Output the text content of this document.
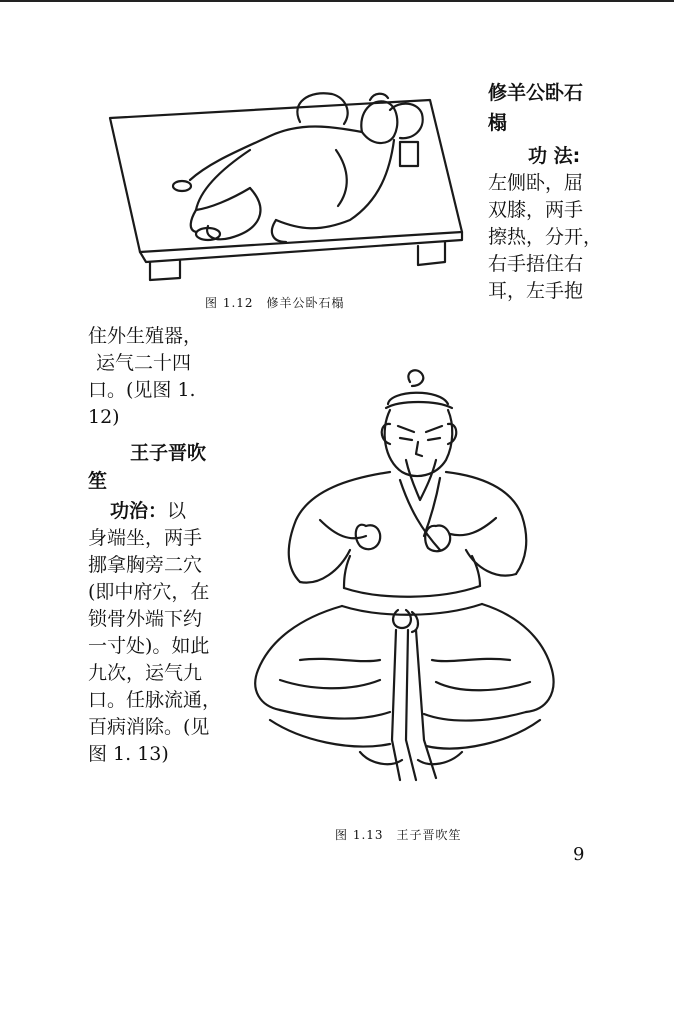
修羊公卧石
榻
功 法:
左侧卧，屈
双膝，两手
擦热，分开，
右手捂住右
耳，左手抱
图 1.12　修羊公卧石榻
住外生殖器，
运气二十四
口。(见图 1.
12)
王子晋吹
笙
功治：以
身端坐，两手
挪拿胸旁二穴
(即中府穴，在
锁骨外端下约
一寸处)。如此
九次，运气九
口。任脉流通，
百病消除。(见
图 1. 13)
图 1.13　王子晋吹笙
9
